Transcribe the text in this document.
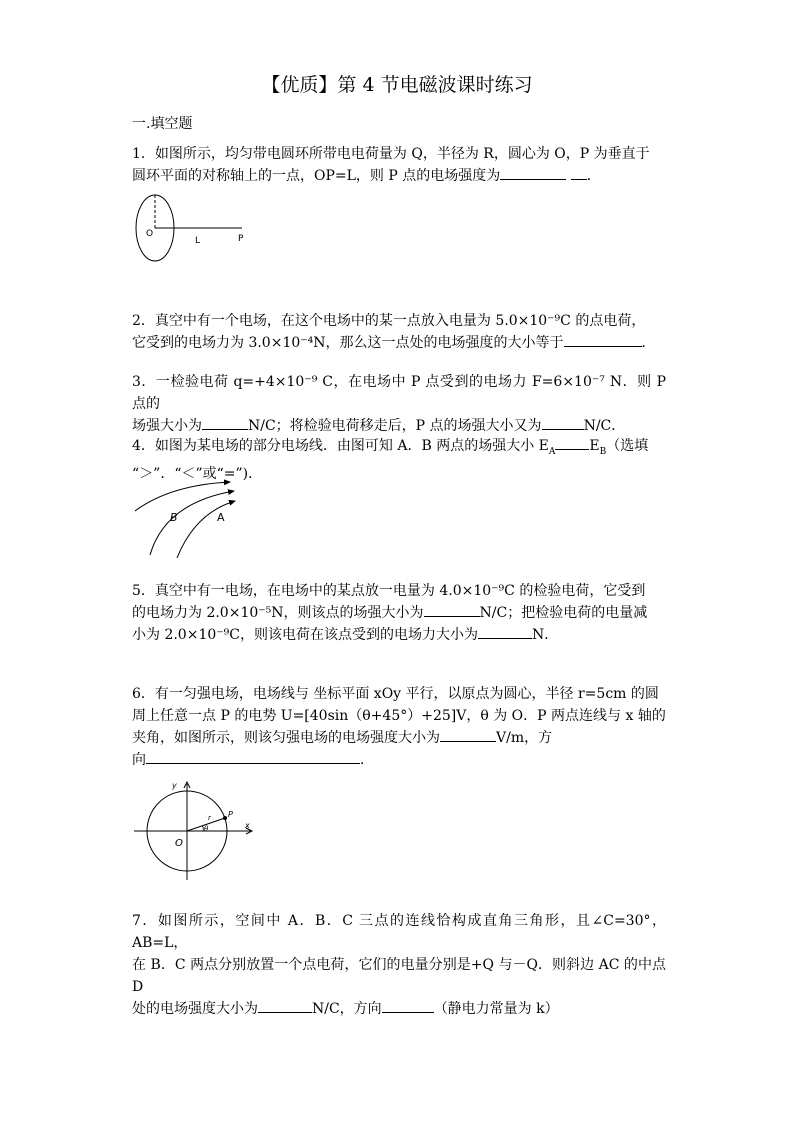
【优质】第 4 节电磁波课时练习
一.填空题

1．如图所示，均匀带电圆环所带电电荷量为 Q，半径为 R，圆心为 O，P 为垂直于

圆环平面的对称轴上的一点，OP=L，则 P 点的电场强度为	．

O
L	P

2．真空中有一个电场，在这个电场中的某一点放入电量为 5.0×10⁻⁹C 的点电荷，

它受到的电场力为 3.0×10⁻⁴N，那么这一点处的电场强度的大小等于	．

3．一检验电荷 q=+4×10⁻⁹ C，在电场中 P 点受到的电场力 F=6×10⁻⁷ N．则 P 点的

场强大小为	N/C；将检验电荷移走后，P 点的场强大小又为	N/C．

4．如图为某电场的部分电场线．由图可知 A．B 两点的场强大小 $E_A$ $E_B$（选填

“＞”．“＜”或“=”)．

B	A

5．真空中有一电场，在电场中的某点放一电量为 4.0×10⁻⁹C 的检验电荷，它受到

的电场力为 2.0×10⁻⁵N，则该点的场强大小为	N/C；把检验电荷的电量减

小为 2.0×10⁻⁹C，则该电荷在该点受到的电场力大小为	N．

6．有一匀强电场，电场线与 坐标平面 xOy 平行，以原点为圆心，半径 r=5cm 的圆

周上任意一点 P 的电势 U=[40sin（θ+45°）+25]V，θ 为 O．P 两点连线与 x 轴的

夹角，如图所示，则该匀强电场的电场强度大小为	V/m，方

向	．

y
x
O
P
r
θ

7．如图所示，空间中 A．B．C 三点的连线恰构成直角三角形，且∠C=30°，AB=L，

在 B．C 两点分别放置一个点电荷，它们的电量分别是+Q 与－Q．则斜边 AC 的中点 D

处的电场强度大小为	N/C，方向	（静电力常量为 k）
